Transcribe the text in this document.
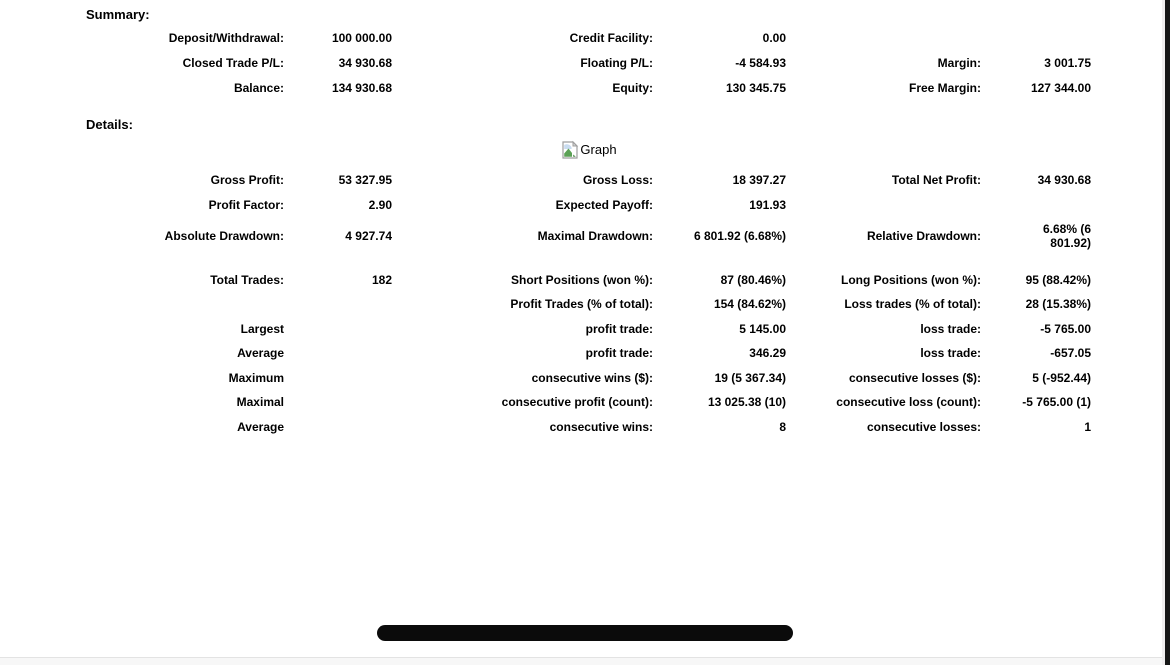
Summary:
Deposit/Withdrawal:	100 000.00	Credit Facility:	0.00
Closed Trade P/L:	34 930.68	Floating P/L:	-4 584.93	Margin:	3 001.75
Balance:	134 930.68	Equity:	130 345.75	Free Margin:	127 344.00
Details:
Graph
Gross Profit:	53 327.95	Gross Loss:	18 397.27	Total Net Profit:	34 930.68
Profit Factor:	2.90	Expected Payoff:	191.93
Absolute Drawdown:	4 927.74	Maximal Drawdown:	6 801.92 (6.68%)	Relative Drawdown:	6.68% (6 801.92)
Total Trades:	182	Short Positions (won %):	87 (80.46%)	Long Positions (won %):	95 (88.42%)
Profit Trades (% of total):	154 (84.62%)	Loss trades (% of total):	28 (15.38%)
Largest	profit trade:	5 145.00	loss trade:	-5 765.00
Average	profit trade:	346.29	loss trade:	-657.05
Maximum	consecutive wins ($):	19 (5 367.34)	consecutive losses ($):	5 (-952.44)
Maximal	consecutive profit (count):	13 025.38 (10)	consecutive loss (count):	-5 765.00 (1)
Average	consecutive wins:	8	consecutive losses:	1
